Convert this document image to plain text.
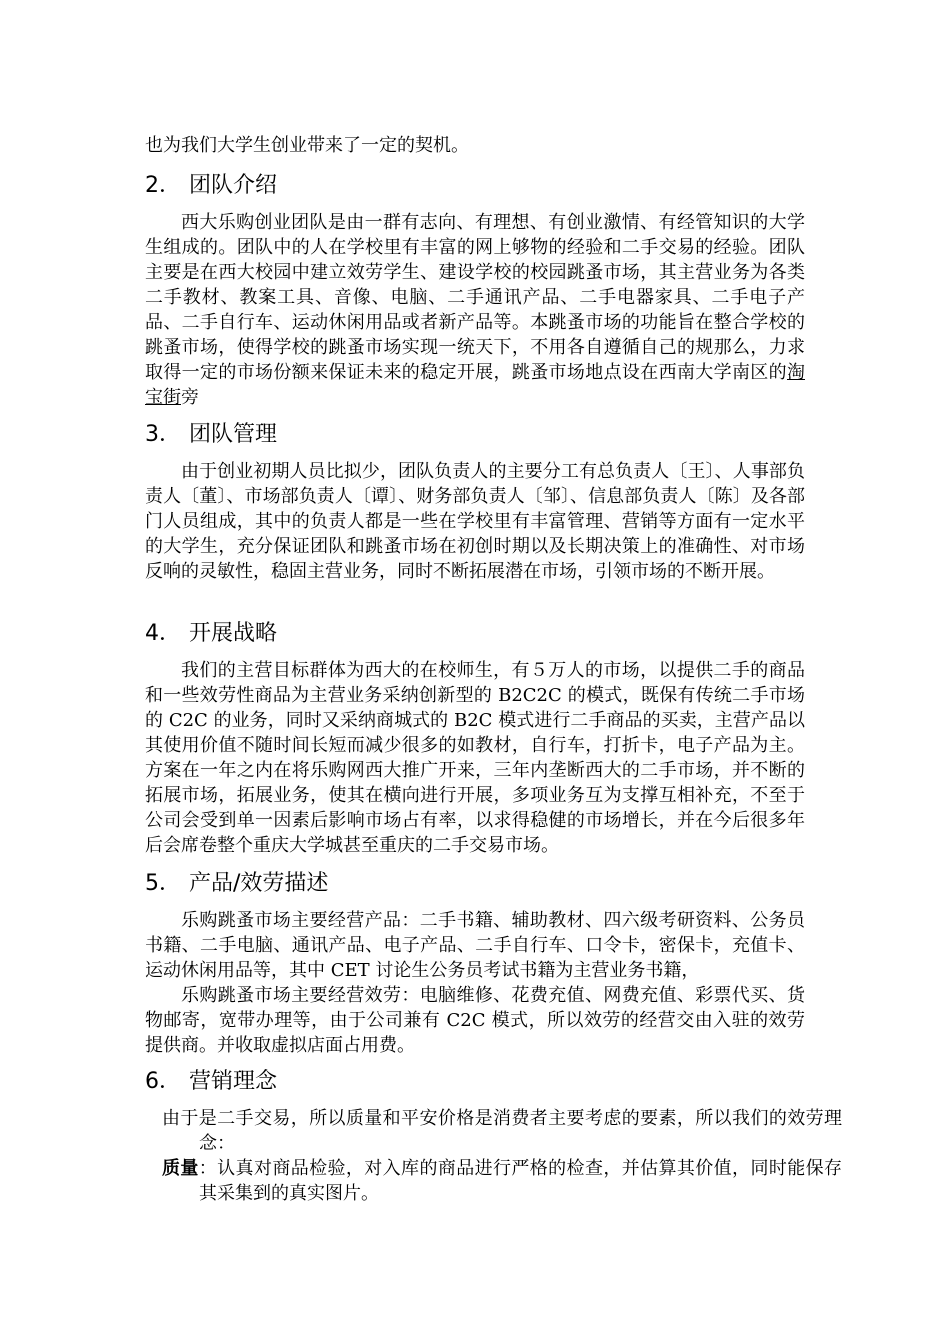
也为我们大学生创业带来了一定的契机。

2． 团队介绍

西大乐购创业团队是由一群有志向、有理想、有创业激情、有经管知识的大学生组成的。团队中的人在学校里有丰富的网上够物的经验和二手交易的经验。团队主要是在西大校园中建立效劳学生、建设学校的校园跳蚤市场，其主营业务为各类二手教材、教案工具、音像、电脑、二手通讯产品、二手电器家具、二手电子产品、二手自行车、运动休闲用品或者新产品等。本跳蚤市场的功能旨在整合学校的跳蚤市场，使得学校的跳蚤市场实现一统天下，不用各自遵循自己的规那么，力求取得一定的市场份额来保证未来的稳定开展，跳蚤市场地点设在西南大学南区的淘宝街旁

3． 团队管理

由于创业初期人员比拟少，团队负责人的主要分工有总负责人〔王〕、人事部负责人〔董〕、市场部负责人〔谭〕、财务部负责人〔邹〕、信息部负责人〔陈〕及各部门人员组成，其中的负责人都是一些在学校里有丰富管理、营销等方面有一定水平的大学生，充分保证团队和跳蚤市场在初创时期以及长期决策上的准确性、对市场反响的灵敏性，稳固主营业务，同时不断拓展潜在市场，引领市场的不断开展。

4． 开展战略

我们的主营目标群体为西大的在校师生，有５万人的市场，以提供二手的商品和一些效劳性商品为主营业务采纳创新型的 B2C2C 的模式，既保有传统二手市场的 C2C 的业务，同时又采纳商城式的 B2C 模式进行二手商品的买卖，主营产品以其使用价值不随时间长短而减少很多的如教材，自行车，打折卡，电子产品为主。方案在一年之内在将乐购网西大推广开来，三年内垄断西大的二手市场，并不断的拓展市场，拓展业务，使其在横向进行开展，多项业务互为支撑互相补充，不至于公司会受到单一因素后影响市场占有率，以求得稳健的市场增长，并在今后很多年后会席卷整个重庆大学城甚至重庆的二手交易市场。

5． 产品/效劳描述

乐购跳蚤市场主要经营产品：二手书籍、辅助教材、四六级考研资料、公务员书籍、二手电脑、通讯产品、电子产品、二手自行车、口令卡，密保卡，充值卡、运动休闲用品等，其中 CET 讨论生公务员考试书籍为主营业务书籍，

乐购跳蚤市场主要经营效劳：电脑维修、花费充值、网费充值、彩票代买、货物邮寄，宽带办理等，由于公司兼有 C2C 模式，所以效劳的经营交由入驻的效劳提供商。并收取虚拟店面占用费。

6． 营销理念

由于是二手交易，所以质量和平安价格是消费者主要考虑的要素，所以我们的效劳理念：

质量：认真对商品检验，对入库的商品进行严格的检查，并估算其价值，同时能保存其采集到的真实图片。
